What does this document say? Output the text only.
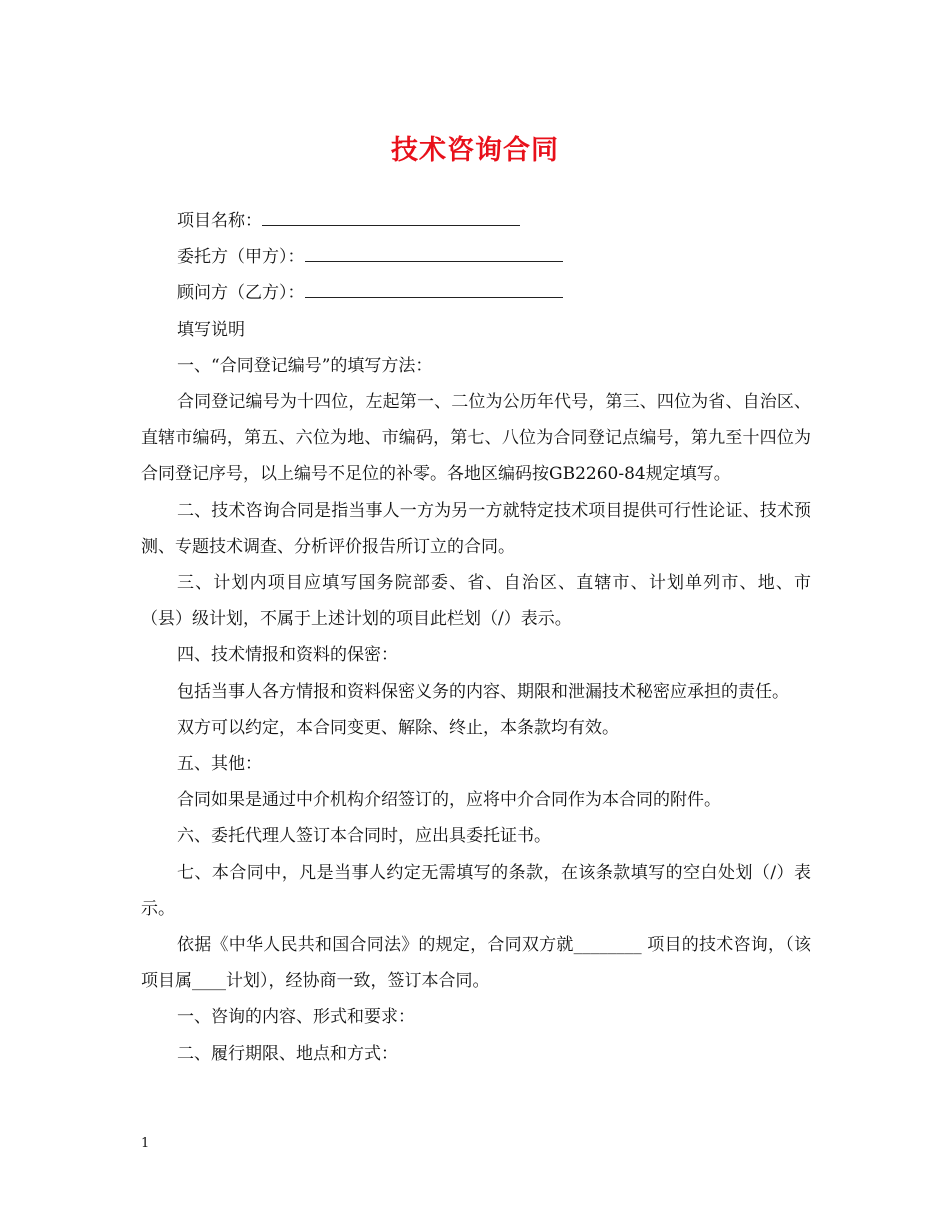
技术咨询合同

项目名称：

委托方（甲方）：

顾问方（乙方）：

填写说明

一、“合同登记编号”的填写方法：

合同登记编号为十四位，左起第一、二位为公历年代号，第三、四位为省、自治区、直辖市编码，第五、六位为地、市编码，第七、八位为合同登记点编号，第九至十四位为合同登记序号，以上编号不足位的补零。各地区编码按GB2260-84规定填写。

二、技术咨询合同是指当事人一方为另一方就特定技术项目提供可行性论证、技术预测、专题技术调查、分析评价报告所订立的合同。

三、计划内项目应填写国务院部委、省、自治区、直辖市、计划单列市、地、市（县）级计划，不属于上述计划的项目此栏划（/）表示。

四、技术情报和资料的保密：

包括当事人各方情报和资料保密义务的内容、期限和泄漏技术秘密应承担的责任。

双方可以约定，本合同变更、解除、终止，本条款均有效。

五、其他：

合同如果是通过中介机构介绍签订的，应将中介合同作为本合同的附件。

六、委托代理人签订本合同时，应出具委托证书。

七、本合同中，凡是当事人约定无需填写的条款，在该条款填写的空白处划（/）表示。

依据《中华人民共和国合同法》的规定，合同双方就________ 项目的技术咨询，（该项目属____计划），经协商一致，签订本合同。

一、咨询的内容、形式和要求：

二、履行期限、地点和方式：

1
